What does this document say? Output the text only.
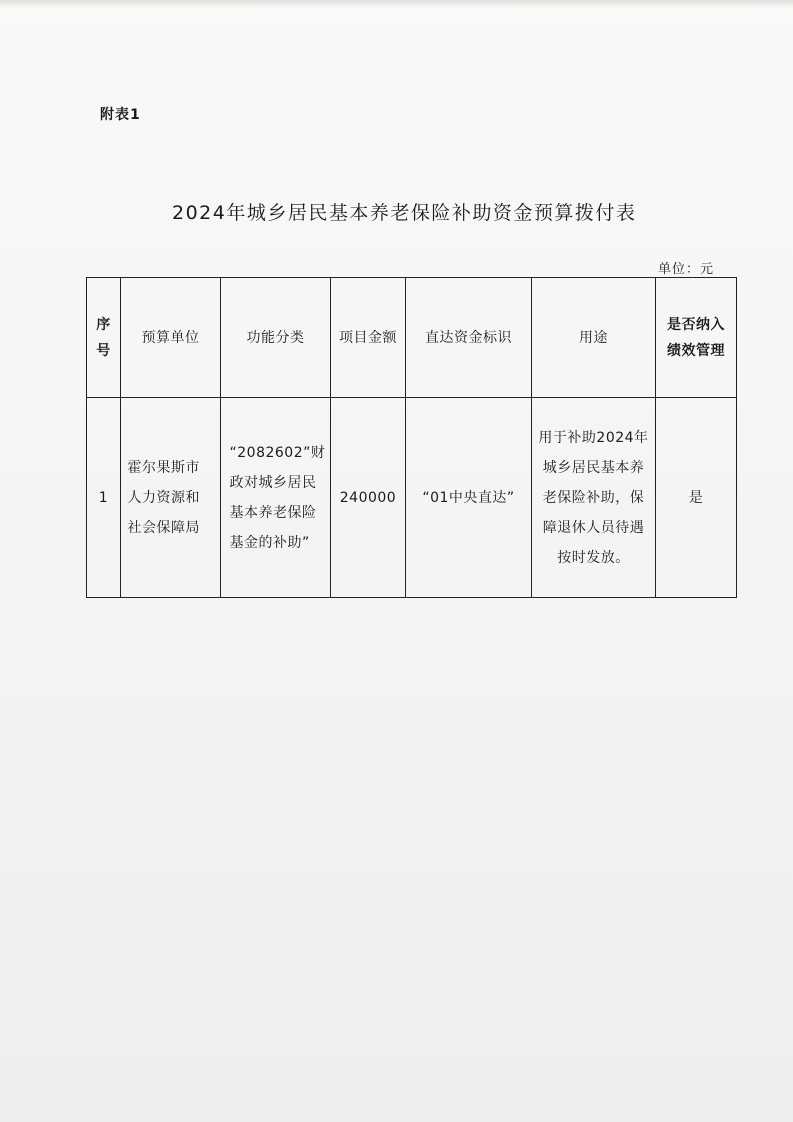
附表1
2024年城乡居民基本养老保险补助资金预算拨付表
单位：元
序号	预算单位	功能分类	项目金额	直达资金标识	用途	是否纳入绩效管理
1	霍尔果斯市人力资源和社会保障局	“2082602”财政对城乡居民基本养老保险基金的补助”	240000	“01中央直达”	用于补助2024年城乡居民基本养老保险补助，保障退休人员待遇按时发放。	是
